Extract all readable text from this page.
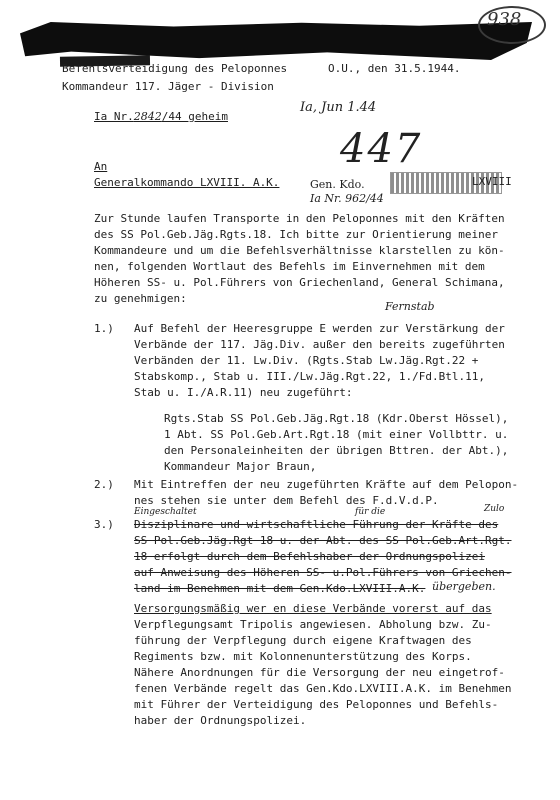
938
Befehlsverteidigung des Peloponnes
Kommandeur 117. Jäger - Division
O.U., den 31.5.1944.
Ia Nr.2842/44 geheim
Ia, Jun 1.44
447
An
Generalkommando LXVIII. A.K.	LXVIII
Gen. Kdo.
Ia Nr. 962/44
Zur Stunde laufen Transporte in den Peloponnes mit den Kräften
des SS Pol.Geb.Jäg.Rgts.18. Ich bitte zur Orientierung meiner
Kommandeure und um die Befehlsverhältnisse klarstellen zu kön-
nen, folgenden Wortlaut des Befehls im Einvernehmen mit dem
Höheren SS- u. Pol.Führers von Griechenland, General Schimana,
zu genehmigen:
Fernstab
1.) Auf Befehl der Heeresgruppe E werden zur Verstärkung der
Verbände der 117. Jäg.Div. außer den bereits zugeführten
Verbänden der 11. Lw.Div. (Rgts.Stab Lw.Jäg.Rgt.22 +
Stabskomp., Stab u. III./Lw.Jäg.Rgt.22, 1./Fd.Btl.11,
Stab u. I./A.R.11) neu zugeführt:
Rgts.Stab SS Pol.Geb.Jäg.Rgt.18 (Kdr.Oberst Hössel),
1 Abt. SS Pol.Geb.Art.Rgt.18 (mit einer Vollbttr. u.
den Personaleinheiten der übrigen Bttren. der Abt.),
Kommandeur Major Braun,
2.) Mit Eintreffen der neu zugeführten Kräfte auf dem Pelopon-
nes stehen sie unter dem Befehl des F.d.V.d.P.
Eingeschaltet	für die	Zulo
3.) Disziplinare und wirtschaftliche Führung der Kräfte des
SS Pol.Geb.Jäg.Rgt 18 u. der Abt. des SS Pol.Geb.Art.Rgt.
18 erfolgt durch dem Befehlshaber der Ordnungspolizei
auf Anweisung des Höheren SS- u.Pol.Führers von Griechen-
land im Benehmen mit dem Gen.Kdo.LXVIII.A.K. übergeben.
Versorgungsmäßig wer en diese Verbände vorerst auf das
Verpflegungsamt Tripolis angewiesen. Abholung bzw. Zu-
führung der Verpflegung durch eigene Kraftwagen des
Regiments bzw. mit Kolonnenunterstützung des Korps.
Nähere Anordnungen für die Versorgung der neu eingetrof-
fenen Verbände regelt das Gen.Kdo.LXVIII.A.K. im Benehmen
mit Führer der Verteidigung des Peloponnes und Befehls-
haber der Ordnungspolizei.
